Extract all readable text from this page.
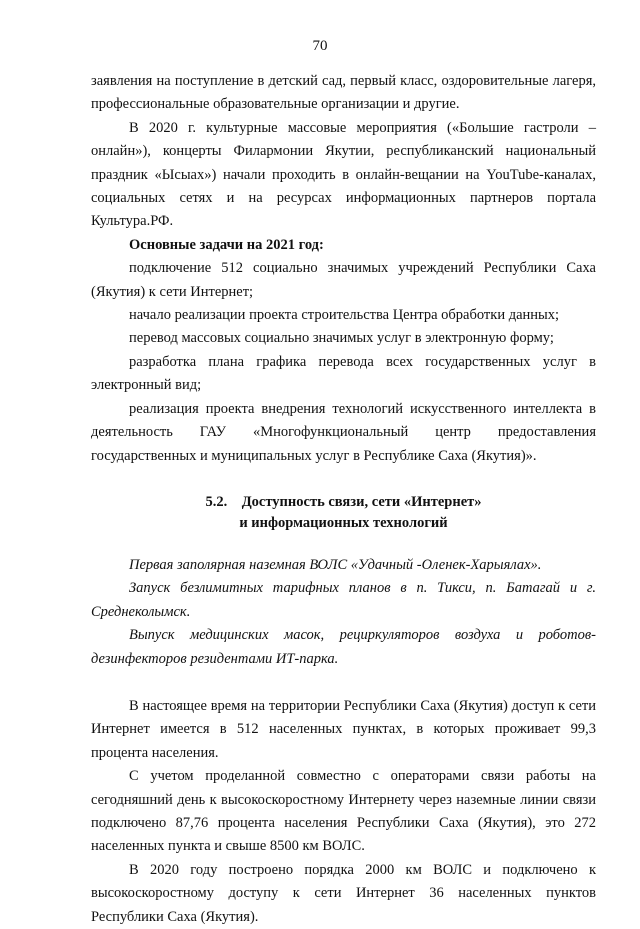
70

заявления на поступление в детский сад, первый класс, оздоровительные лагеря, профессиональные образовательные организации и другие.

В 2020 г. культурные массовые мероприятия («Большие гастроли – онлайн»), концерты Филармонии Якутии, республиканский национальный праздник «Ысыах») начали проходить в онлайн-вещании на YouTube-каналах, социальных сетях и на ресурсах информационных партнеров портала Культура.РФ.

Основные задачи на 2021 год:

подключение 512 социально значимых учреждений Республики Саха (Якутия) к сети Интернет;

начало реализации проекта строительства Центра обработки данных;

перевод массовых социально значимых услуг в электронную форму;

разработка плана графика перевода всех государственных услуг в электронный вид;

реализация проекта внедрения технологий искусственного интеллекта в деятельность ГАУ «Многофункциональный центр предоставления государственных и муниципальных услуг в Республике Саха (Якутия)».

5.2. Доступность связи, сети «Интернет»
и информационных технологий

Первая заполярная наземная ВОЛС «Удачный -Оленек-Харыялах».

Запуск безлимитных тарифных планов в п. Тикси, п. Батагай и г. Среднеколымск.

Выпуск медицинских масок, рециркуляторов воздуха и роботов-дезинфекторов резидентами ИТ-парка.

В настоящее время на территории Республики Саха (Якутия) доступ к сети Интернет имеется в 512 населенных пунктах, в которых проживает 99,3 процента населения.

С учетом проделанной совместно с операторами связи работы на сегодняшний день к высокоскоростному Интернету через наземные линии связи подключено 87,76 процента населения Республики Саха (Якутия), это 272 населенных пункта и свыше 8500 км ВОЛС.

В 2020 году построено порядка 2000 км ВОЛС и подключено к высокоскоростному доступу к сети Интернет 36 населенных пунктов Республики Саха (Якутия).
